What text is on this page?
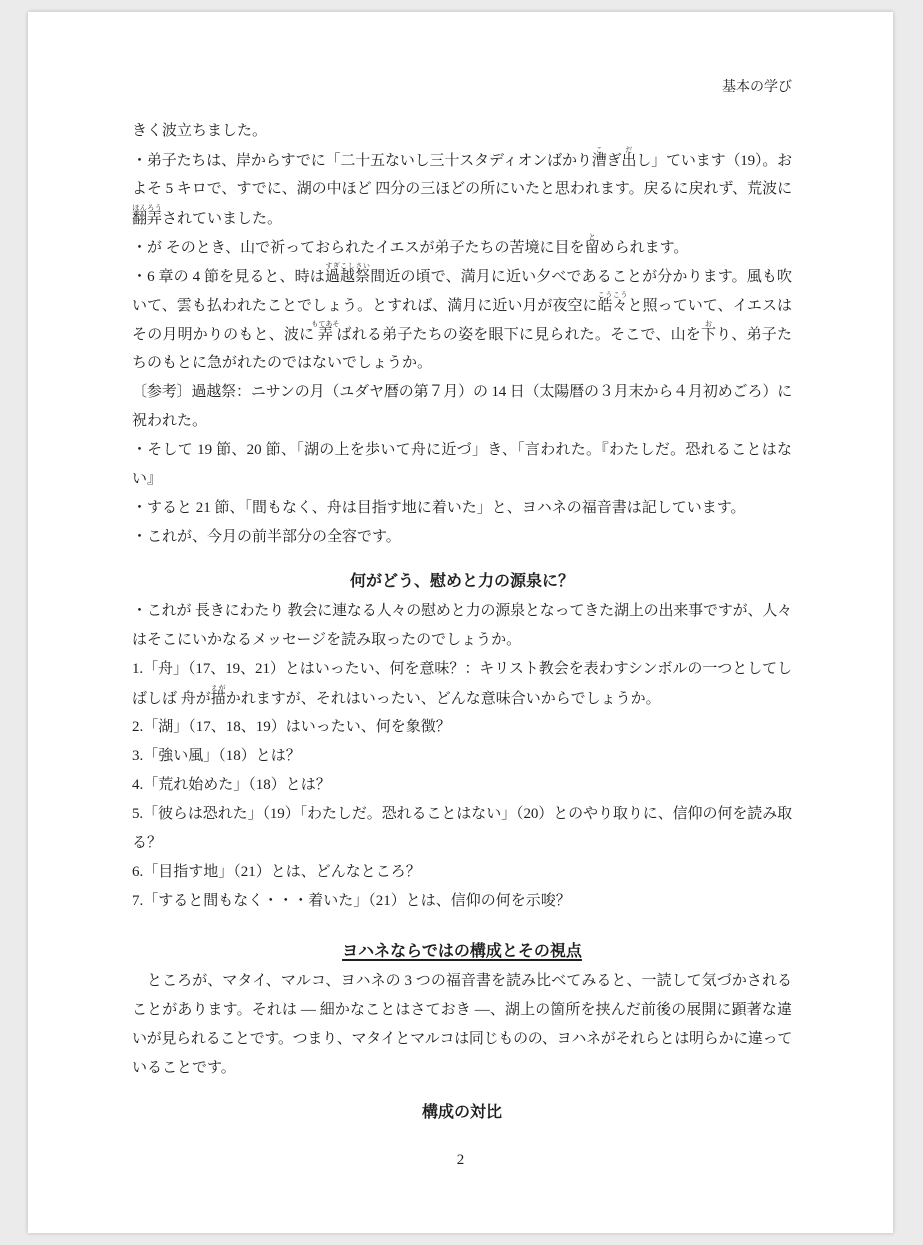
基本の学び
きく波立ちました。
・弟子たちは、岸からすでに「二十五ないし三十スタディオンばかり漕こぎ出だし」ています（19）。お
よそ 5 キロで、すでに、湖の中ほど 四分の三ほどの所にいたと思われます。戻るに戻れず、荒波に
翻弄ほんろうされていました。
・が そのとき、山で祈っておられたイエスが弟子たちの苦境に目を留とめられます。
・6 章の 4 節を見ると、時は過越祭すぎこしさい間近の頃で、満月に近い夕べであることが分かります。風も吹
いて、雲も払われたことでしょう。とすれば、満月に近い月が夜空に皓々こうこうと照っていて、イエスは
その月明かりのもと、波に弄もてあそばれる弟子たちの姿を眼下に見られた。そこで、山を下おり、弟子た
ちのもとに急がれたのではないでしょうか。
〔参考〕過越祭：ニサンの月（ユダヤ暦の第７月）の 14 日（太陽暦の３月末から４月初めごろ）に
祝われた。
・そして 19 節、20 節、「湖の上を歩いて舟に近づ」き、「言われた。『わたしだ。恐れることはな
い』
・すると 21 節、「間もなく、舟は目指す地に着いた」と、ヨハネの福音書は記しています。
・これが、今月の前半部分の全容です。
何がどう、慰めと力の源泉に？
・これが 長きにわたり 教会に連なる人々の慰めと力の源泉となってきた湖上の出来事ですが、人々
はそこにいかなるメッセージを読み取ったのでしょうか。
1.「舟」（17、19、21）とはいったい、何を意味？：キリスト教会を表わすシンボルの一つとしてし
ばしば 舟が描えがかれますが、それはいったい、どんな意味合いからでしょうか。
2.「湖」（17、18、19）はいったい、何を象徴？
3.「強い風」（18）とは？
4.「荒れ始めた」（18）とは？
5.「彼らは恐れた」（19）「わたしだ。恐れることはない」（20）とのやり取りに、信仰の何を読み取
る？
6.「目指す地」（21）とは、どんなところ？
7.「すると間もなく・・・着いた」（21）とは、信仰の何を示唆？
ヨハネならではの構成とその視点
　ところが、マタイ、マルコ、ヨハネの 3 つの福音書を読み比べてみると、一読して気づかされる
ことがあります。それは ― 細かなことはさておき ―、湖上の箇所を挟んだ前後の展開に顕著な違
いが見られることです。つまり、マタイとマルコは同じものの、ヨハネがそれらとは明らかに違って
いることです。
構成の対比
2
